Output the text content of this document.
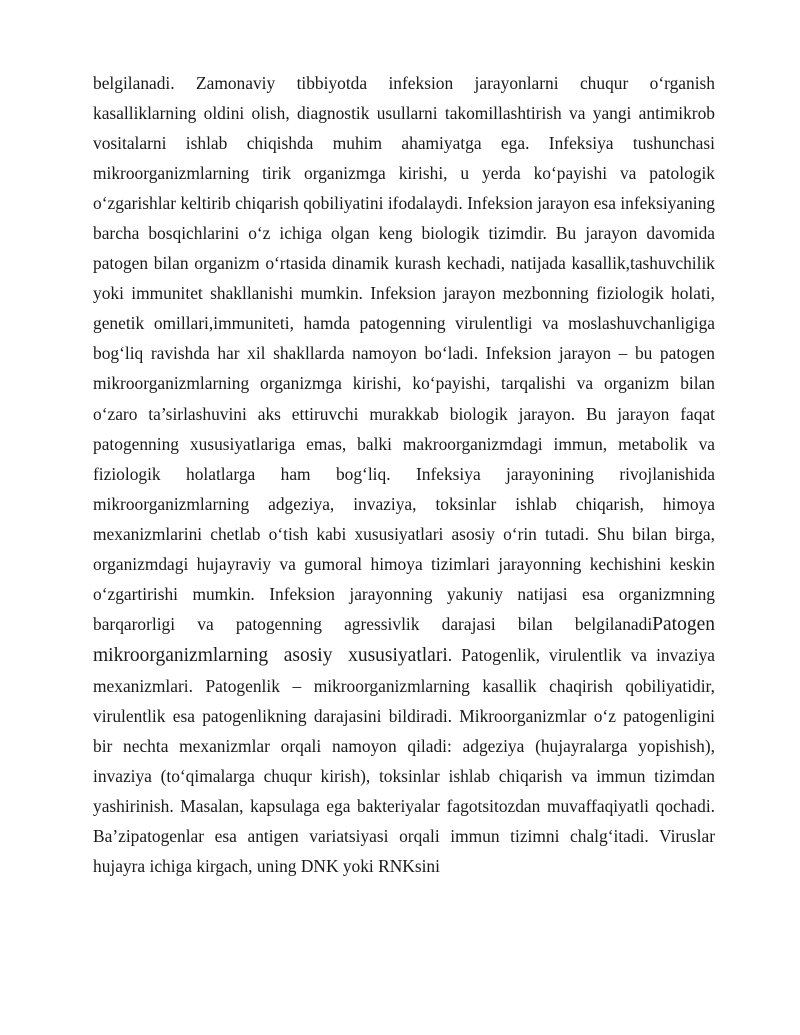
belgilanadi. Zamonaviy tibbiyotda infeksion jarayonlarni chuqur o‘rganish kasalliklarning oldini olish, diagnostik usullarni takomillashtirish va yangi antimikrob vositalarni ishlab chiqishda muhim ahamiyatga ega. Infeksiya tushunchasi mikroorganizmlarning tirik organizmga kirishi, u yerda ko‘payishi va patologik o‘zgarishlar keltirib chiqarish qobiliyatini ifodalaydi. Infeksion jarayon esa infeksiyaning barcha bosqichlarini o‘z ichiga olgan keng biologik tizimdir. Bu jarayon davomida patogen bilan organizm o‘rtasida dinamik kurash kechadi, natijada kasallik,tashuvchilik yoki immunitet shakllanishi mumkin. Infeksion jarayon mezbonning fiziologik holati, genetik omillari,immuniteti, hamda patogenning virulentligi va moslashuvchanligiga bog‘liq ravishda har xil shakllarda namoyon bo‘ladi. Infeksion jarayon – bu patogen mikroorganizmlarning organizmga kirishi, ko‘payishi, tarqalishi va organizm bilan o‘zaro ta’sirlashuvini aks ettiruvchi murakkab biologik jarayon. Bu jarayon faqat patogenning xususiyatlariga emas, balki makroorganizmdagi immun, metabolik va fiziologik holatlarga ham bog‘liq. Infeksiya jarayonining rivojlanishida mikroorganizmlarning adgeziya, invaziya, toksinlar ishlab chiqarish, himoya mexanizmlarini chetlab o‘tish kabi xususiyatlari asosiy o‘rin tutadi. Shu bilan birga, organizmdagi hujayraviy va gumoral himoya tizimlari jarayonning kechishini keskin o‘zgartirishi mumkin. Infeksion jarayonning yakuniy natijasi esa organizmning barqarorligi va patogenning agressivlik darajasi bilan belgilanadiPatogen mikroorganizmlarning asosiy xususiyatlari. Patogenlik, virulentlik va invaziya mexanizmlari. Patogenlik – mikroorganizmlarning kasallik chaqirish qobiliyatidir, virulentlik esa patogenlikning darajasini bildiradi. Mikroorganizmlar o‘z patogenligini bir nechta mexanizmlar orqali namoyon qiladi: adgeziya (hujayralarga yopishish), invaziya (to‘qimalarga chuqur kirish), toksinlar ishlab chiqarish va immun tizimdan yashirinish. Masalan, kapsulaga ega bakteriyalar fagotsitozdan muvaffaqiyatli qochadi. Ba’zipatogenlar esa antigen variatsiyasi orqali immun tizimni chalg‘itadi. Viruslar hujayra ichiga kirgach, uning DNK yoki RNKsini
